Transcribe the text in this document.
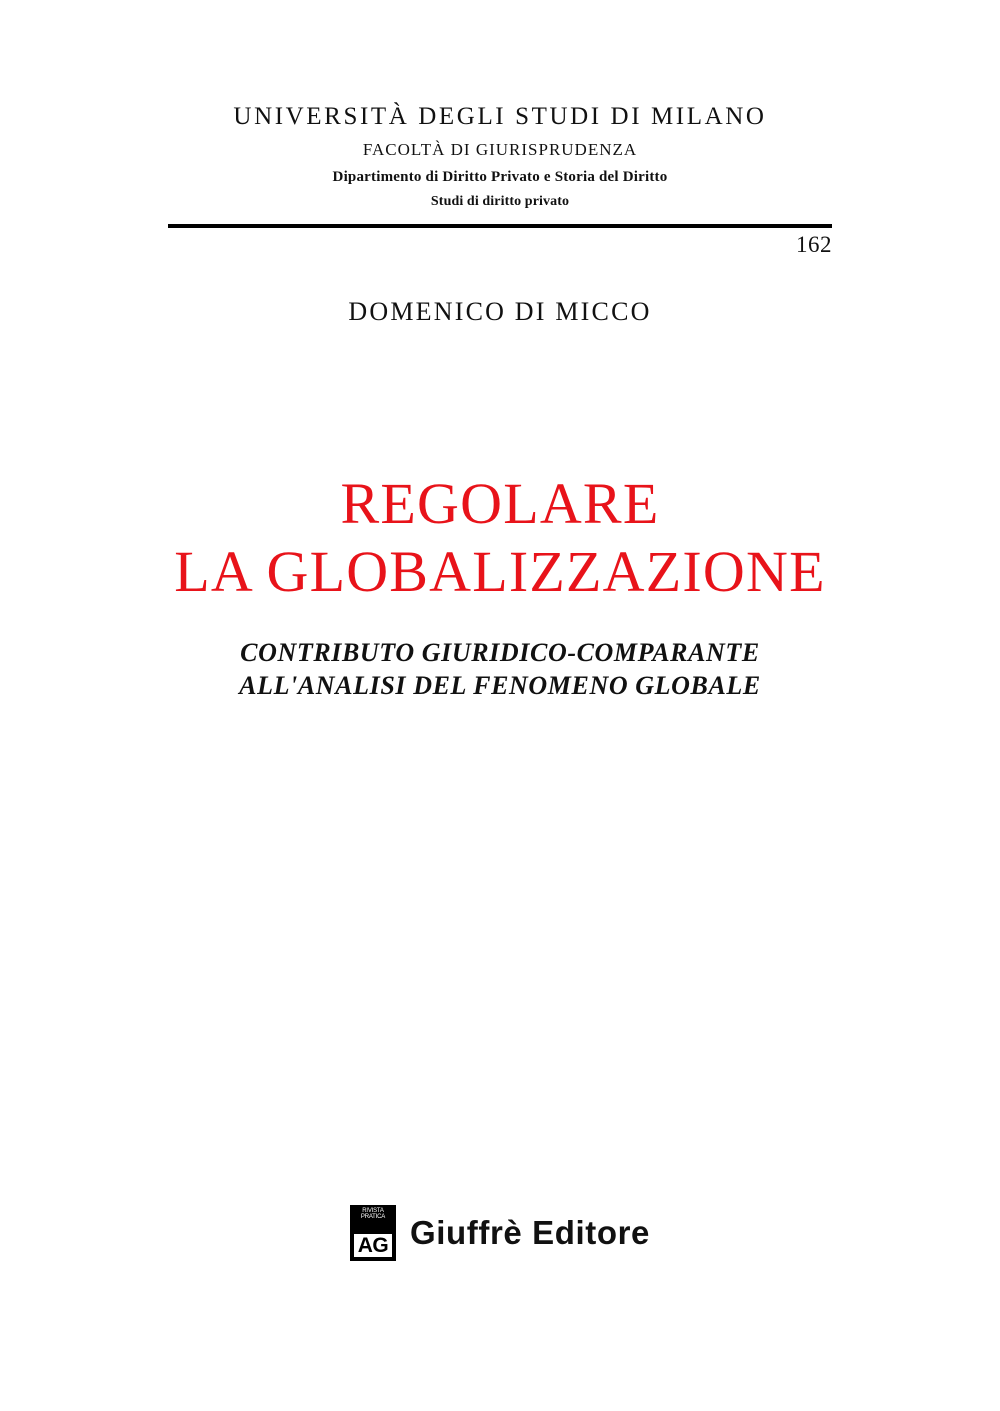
UNIVERSITÀ DEGLI STUDI DI MILANO
FACOLTÀ DI GIURISPRUDENZA
Dipartimento di Diritto Privato e Storia del Diritto
Studi di diritto privato
162
DOMENICO DI MICCO
REGOLARE
LA GLOBALIZZAZIONE
CONTRIBUTO GIURIDICO-COMPARANTE
ALL'ANALISI DEL FENOMENO GLOBALE
RIVISTA PRATICA
AG Giuffrè Editore
